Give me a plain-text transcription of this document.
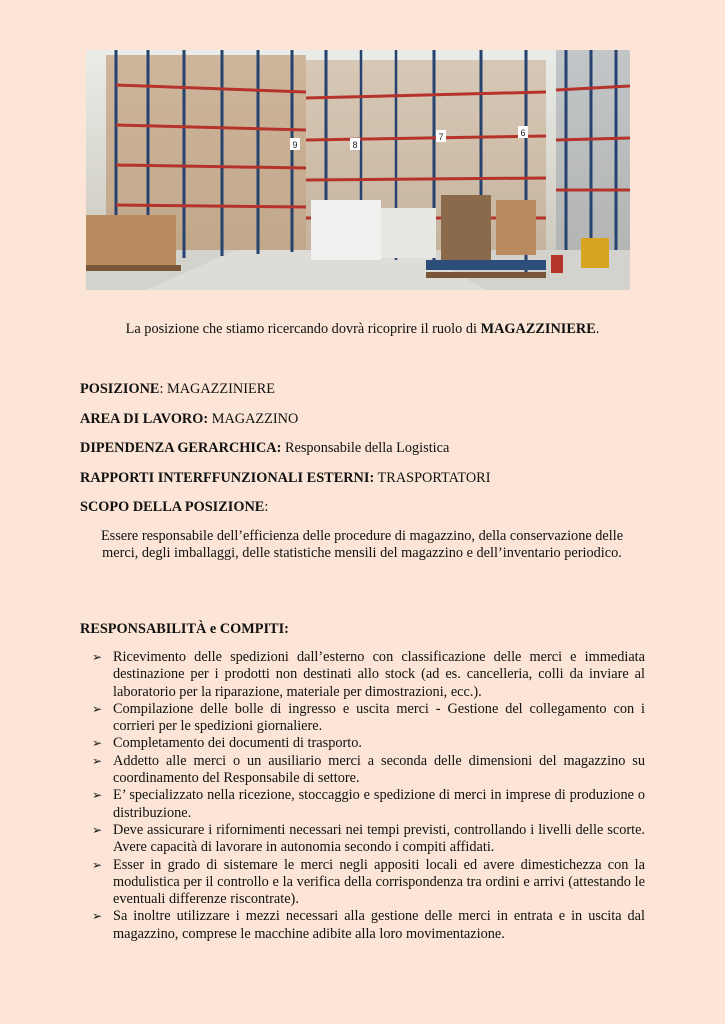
9	8
7	6
La posizione che stiamo ricercando dovrà ricoprire il ruolo di MAGAZZINIERE.
POSIZIONE: MAGAZZINIERE
AREA DI LAVORO: MAGAZZINO
DIPENDENZA GERARCHICA: Responsabile della Logistica
RAPPORTI INTERFFUNZIONALI ESTERNI: TRASPORTATORI
SCOPO DELLA POSIZIONE:
Essere responsabile dell’efficienza delle procedure di magazzino, della conservazione delle merci, degli imballaggi, delle statistiche mensili del magazzino e dell’inventario periodico.
RESPONSABILITÀ e COMPITI:
➢ Ricevimento delle spedizioni dall’esterno con classificazione delle merci e immediata destinazione per i prodotti non destinati allo stock (ad es. cancelleria, colli da inviare al laboratorio per la riparazione, materiale per dimostrazioni, ecc.).
➢ Compilazione delle bolle di ingresso e uscita merci - Gestione del collegamento con i corrieri per le spedizioni giornaliere.
➢ Completamento dei documenti di trasporto.
➢ Addetto alle merci o un ausiliario merci a seconda delle dimensioni del magazzino su coordinamento del Responsabile di settore.
➢ E’ specializzato nella ricezione, stoccaggio e spedizione di merci in imprese di produzione o distribuzione.
➢ Deve assicurare i rifornimenti necessari nei tempi previsti, controllando i livelli delle scorte. Avere capacità di lavorare in autonomia secondo i compiti affidati.
➢ Esser in grado di sistemare le merci negli appositi locali ed avere dimestichezza con la modulistica per il controllo e la verifica della corrispondenza tra ordini e arrivi (attestando le eventuali differenze riscontrate).
➢ Sa inoltre utilizzare i mezzi necessari alla gestione delle merci in entrata e in uscita dal magazzino, comprese le macchine adibite alla loro movimentazione.
